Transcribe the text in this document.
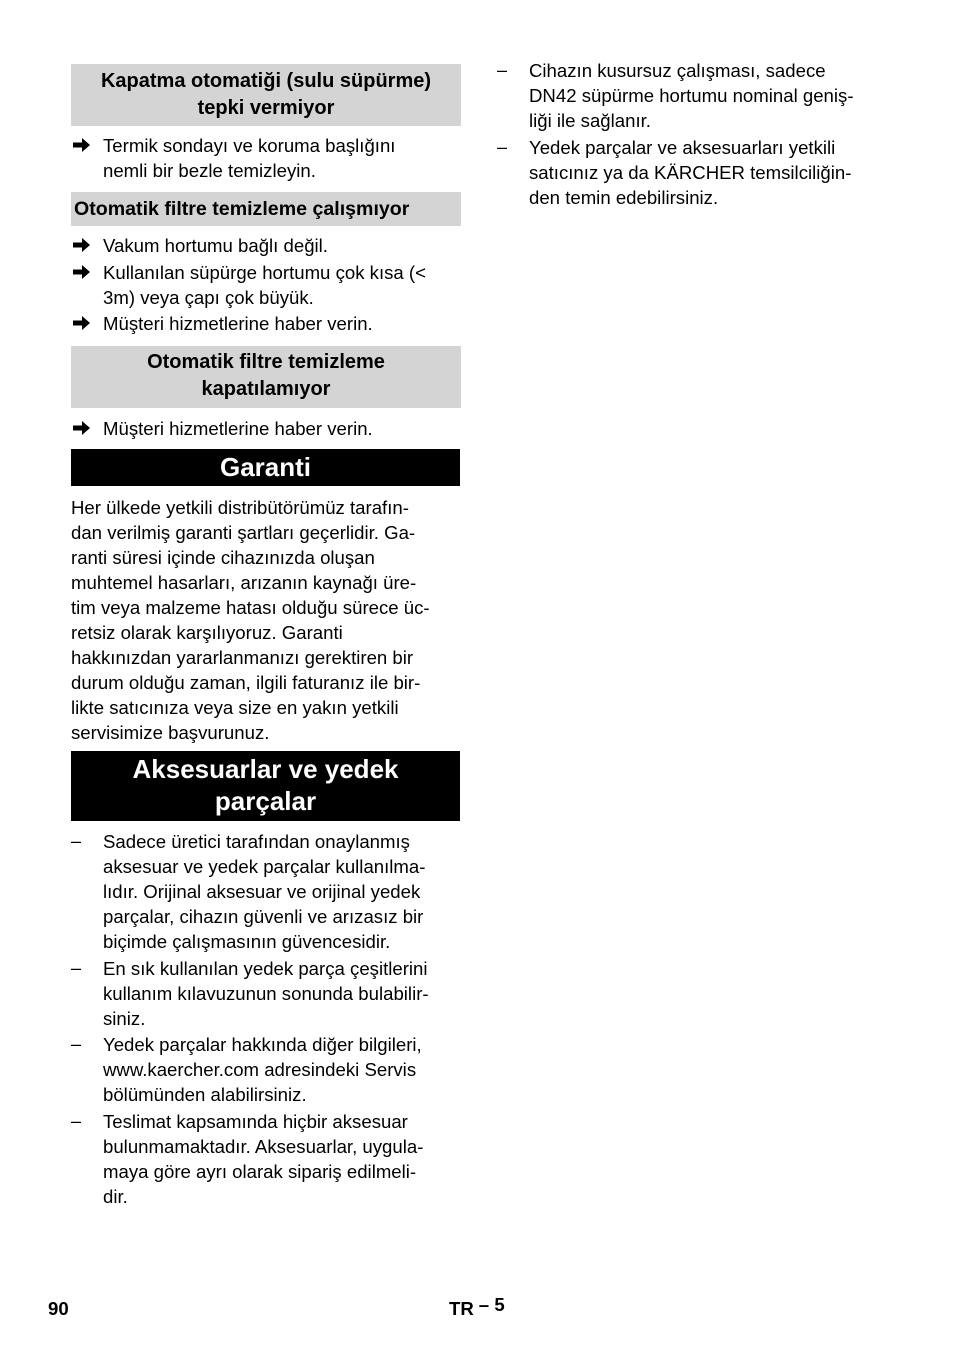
Kapatma otomatiği (sulu süpürme)
tepki vermiyor
Termik sondayı ve koruma başlığını
nemli bir bezle temizleyin.
Otomatik filtre temizleme çalışmıyor
Vakum hortumu bağlı değil.
Kullanılan süpürge hortumu çok kısa (<
3m) veya çapı çok büyük.
Müşteri hizmetlerine haber verin.
Otomatik filtre temizleme
kapatılamıyor
Müşteri hizmetlerine haber verin.
Garanti

Her ülkede yetkili distribütörümüz tarafın-
dan verilmiş garanti şartları geçerlidir. Ga-
ranti süresi içinde cihazınızda oluşan
muhtemel hasarları, arızanın kaynağı üre-
tim veya malzeme hatası olduğu sürece üc-
retsiz olarak karşılıyoruz. Garanti
hakkınızdan yararlanmanızı gerektiren bir
durum olduğu zaman, ilgili faturanız ile bir-
likte satıcınıza veya size en yakın yetkili
servisimize başvurunuz.

Aksesuarlar ve yedek
parçalar
– Sadece üretici tarafından onaylanmış
aksesuar ve yedek parçalar kullanılma-
lıdır. Orijinal aksesuar ve orijinal yedek
parçalar, cihazın güvenli ve arızasız bir
biçimde çalışmasının güvencesidir.
– En sık kullanılan yedek parça çeşitlerini
kullanım kılavuzunun sonunda bulabilir-
siniz.
– Yedek parçalar hakkında diğer bilgileri,
www.kaercher.com adresindeki Servis
bölümünden alabilirsiniz.
– Teslimat kapsamında hiçbir aksesuar
bulunmamaktadır. Aksesuarlar, uygula-
maya göre ayrı olarak sipariş edilmeli-
dir.
– Cihazın kusursuz çalışması, sadece
DN42 süpürme hortumu nominal geniş-
liği ile sağlanır.
– Yedek parçalar ve aksesuarları yetkili
satıcınız ya da KÄRCHER temsilciliğin-
den temin edebilirsiniz.
90	TR – 5
